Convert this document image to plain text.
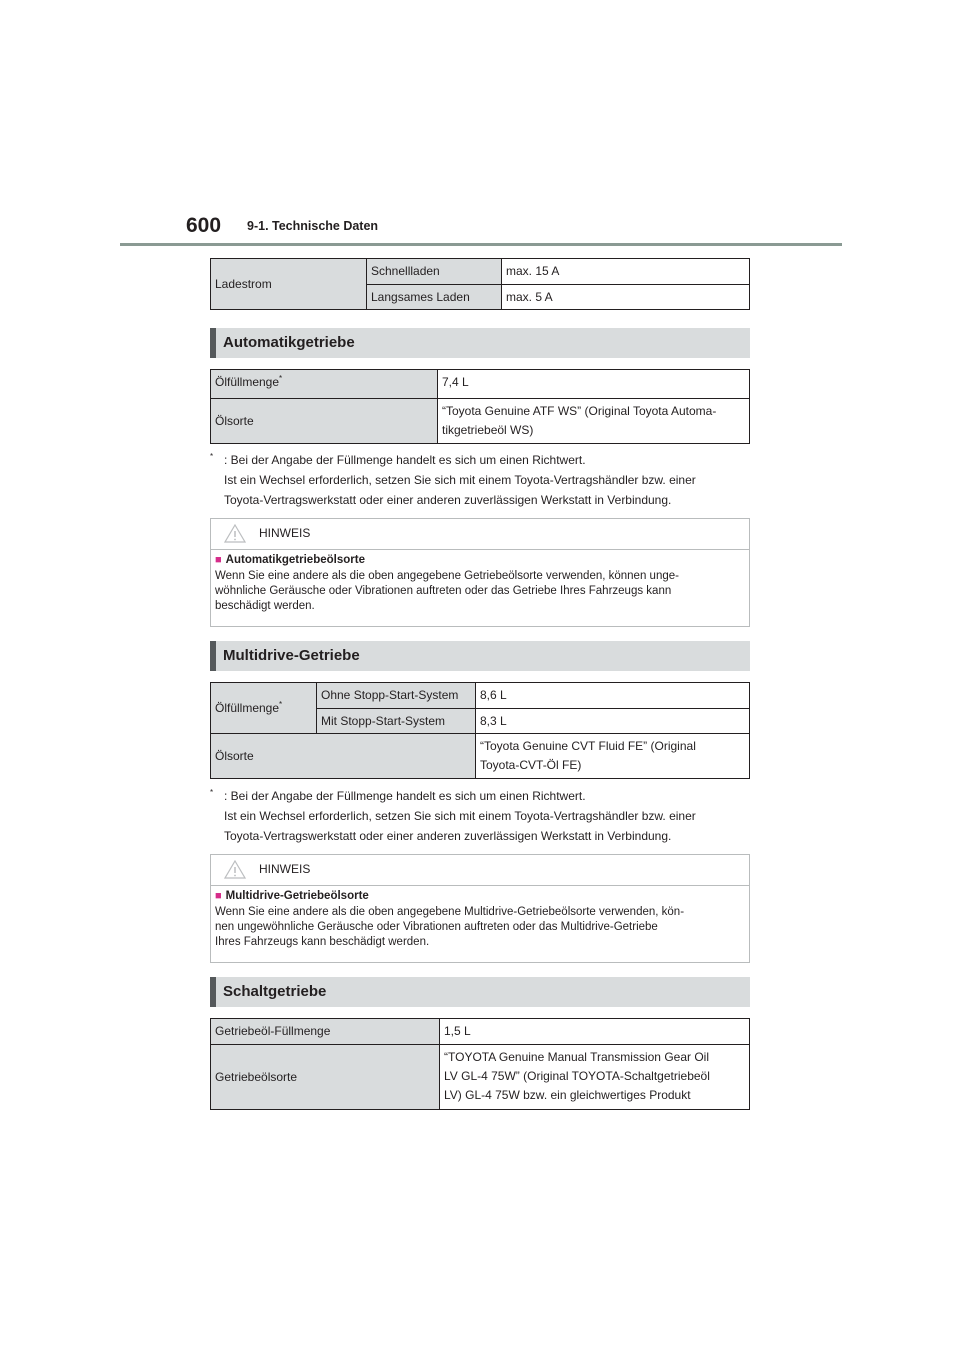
600 9-1. Technische Daten
Ladestrom	Schnellladen	max. 15 A
	Langsames Laden	max. 5 A
Automatikgetriebe
Ölfüllmenge*	7,4 L
Ölsorte	“Toyota Genuine ATF WS” (Original Toyota Automa-
tikgetriebeöl WS)
* : Bei der Angabe der Füllmenge handelt es sich um einen Richtwert.
Ist ein Wechsel erforderlich, setzen Sie sich mit einem Toyota-Vertragshändler bzw. einer
Toyota-Vertragswerkstatt oder einer anderen zuverlässigen Werkstatt in Verbindung.
HINWEIS
■ Automatikgetriebeölsorte
Wenn Sie eine andere als die oben angegebene Getriebeölsorte verwenden, können unge-
wöhnliche Geräusche oder Vibrationen auftreten oder das Getriebe Ihres Fahrzeugs kann
beschädigt werden.
Multidrive-Getriebe
Ölfüllmenge*	Ohne Stopp-Start-System	8,6 L
	Mit Stopp-Start-System	8,3 L
Ölsorte		“Toyota Genuine CVT Fluid FE” (Original
Toyota-CVT-Öl FE)
* : Bei der Angabe der Füllmenge handelt es sich um einen Richtwert.
Ist ein Wechsel erforderlich, setzen Sie sich mit einem Toyota-Vertragshändler bzw. einer
Toyota-Vertragswerkstatt oder einer anderen zuverlässigen Werkstatt in Verbindung.
HINWEIS
■ Multidrive-Getriebeölsorte
Wenn Sie eine andere als die oben angegebene Multidrive-Getriebeölsorte verwenden, kön-
nen ungewöhnliche Geräusche oder Vibrationen auftreten oder das Multidrive-Getriebe
Ihres Fahrzeugs kann beschädigt werden.
Schaltgetriebe
Getriebeöl-Füllmenge	1,5 L
Getriebeölsorte	“TOYOTA Genuine Manual Transmission Gear Oil
LV GL-4 75W” (Original TOYOTA-Schaltgetriebeöl
LV) GL-4 75W bzw. ein gleichwertiges Produkt
